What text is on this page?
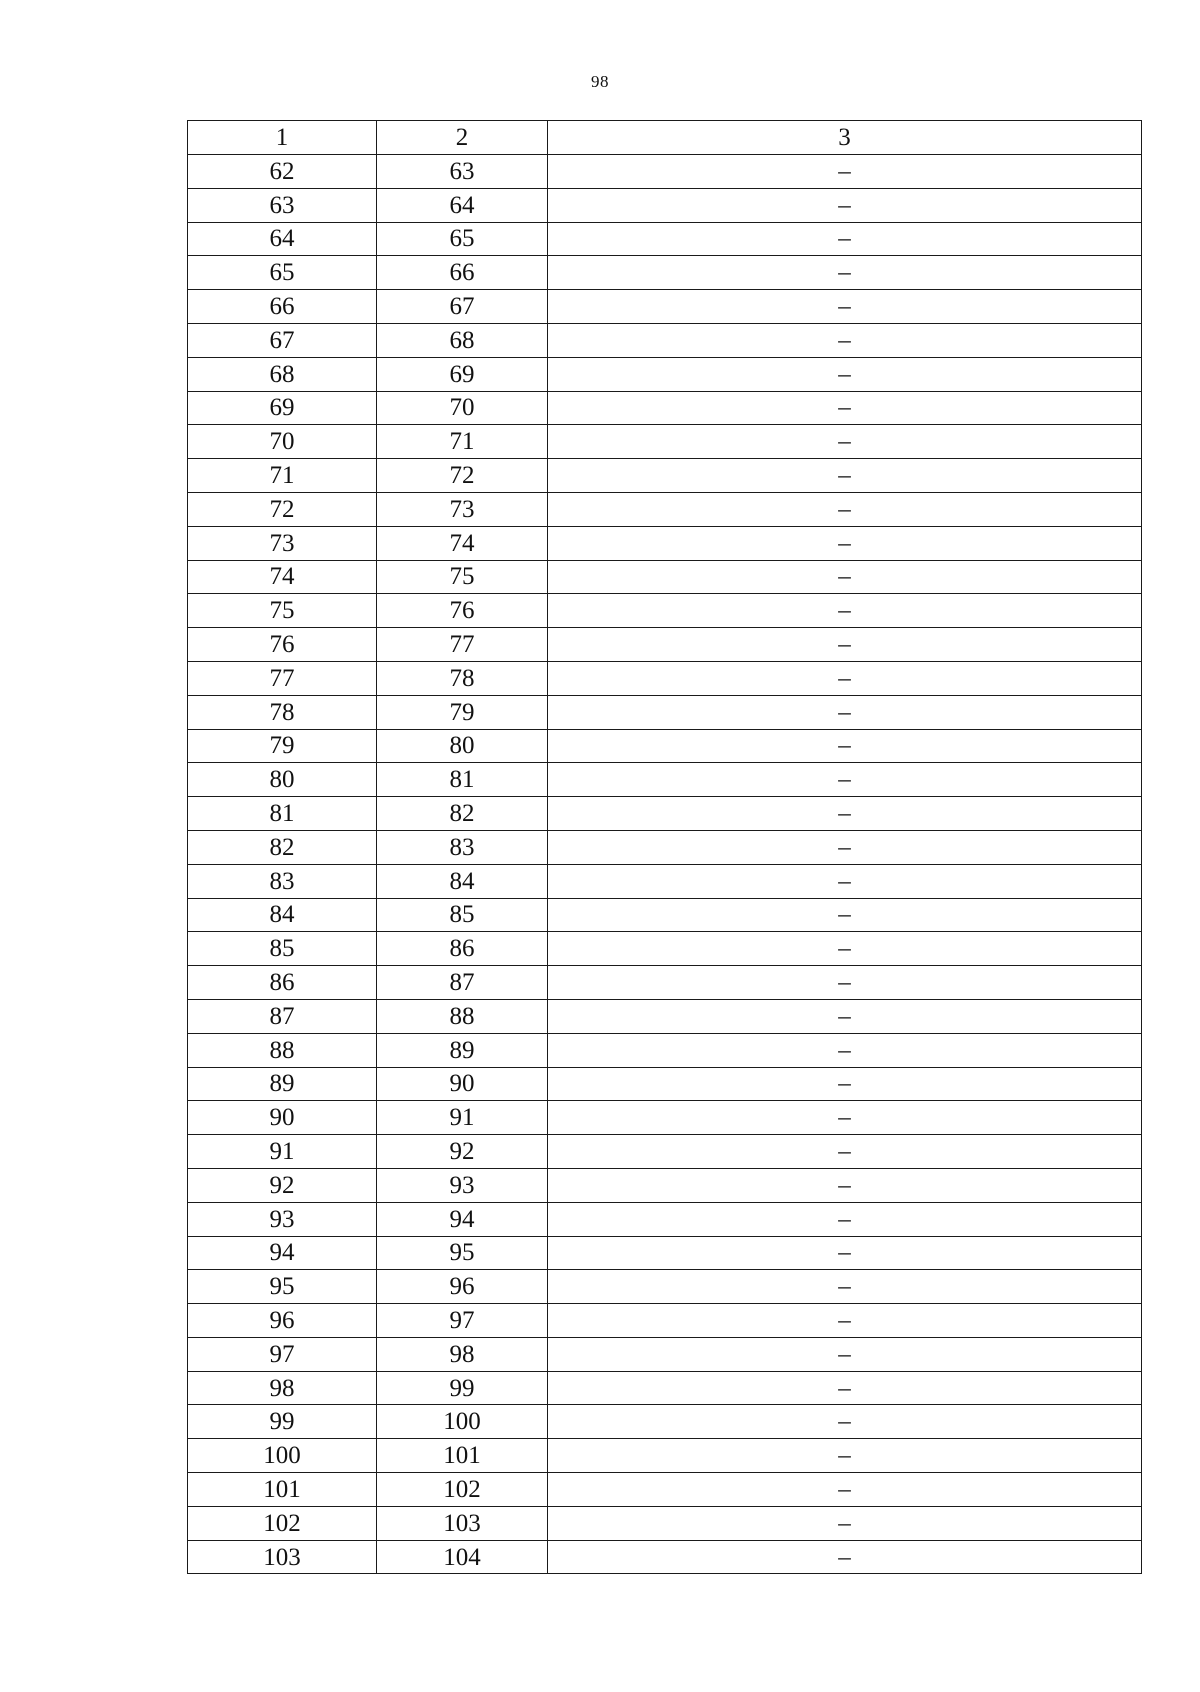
98
1	2	3
62	63	–
63	64	–
64	65	–
65	66	–
66	67	–
67	68	–
68	69	–
69	70	–
70	71	–
71	72	–
72	73	–
73	74	–
74	75	–
75	76	–
76	77	–
77	78	–
78	79	–
79	80	–
80	81	–
81	82	–
82	83	–
83	84	–
84	85	–
85	86	–
86	87	–
87	88	–
88	89	–
89	90	–
90	91	–
91	92	–
92	93	–
93	94	–
94	95	–
95	96	–
96	97	–
97	98	–
98	99	–
99	100	–
100	101	–
101	102	–
102	103	–
103	104	–
